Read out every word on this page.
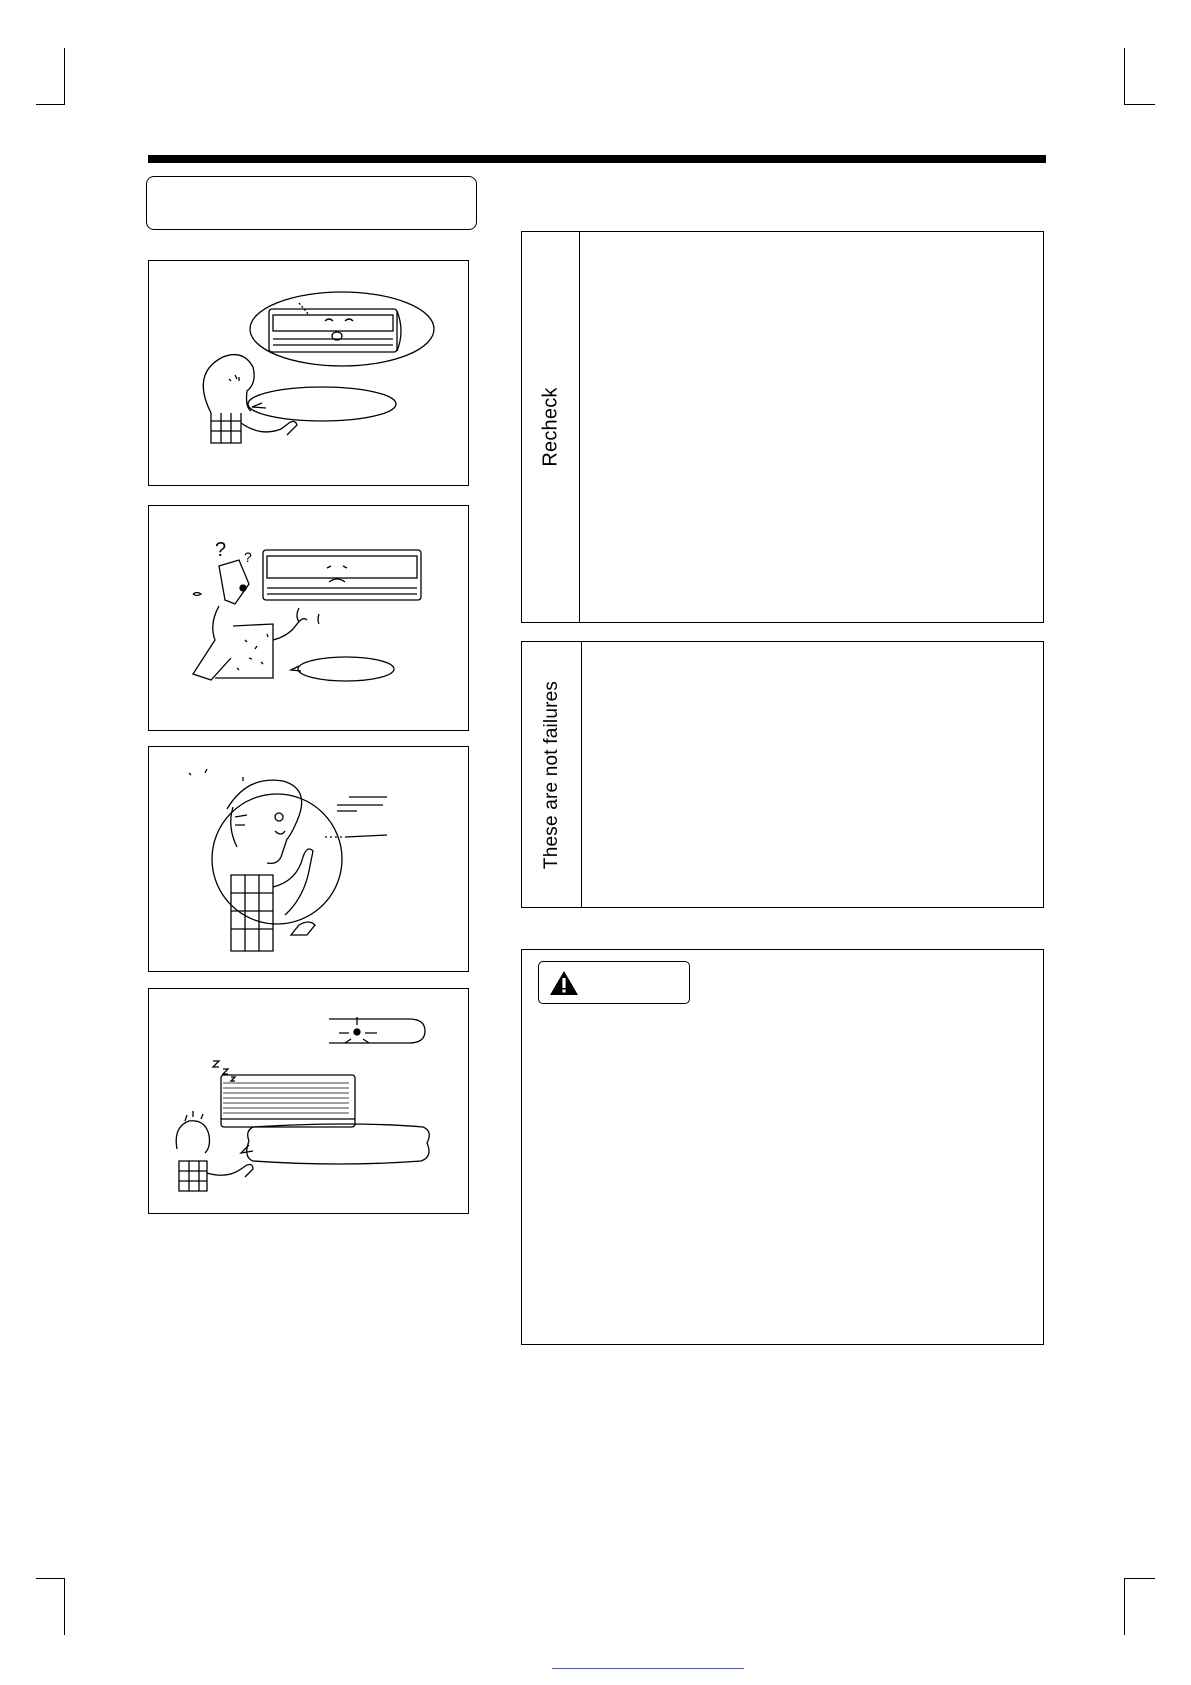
? ?
Recheck
These are not failures
